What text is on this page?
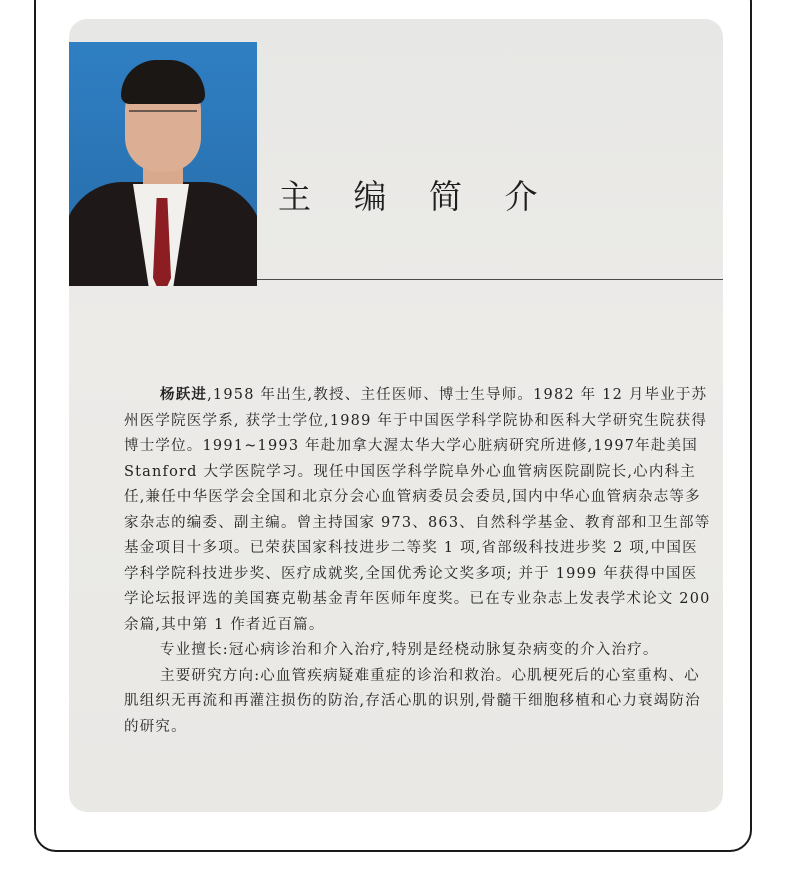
主 编 简 介

杨跃进,1958 年出生,教授、主任医师、博士生导师。1982 年 12 月毕业于苏州医学院医学系, 获学士学位,1989 年于中国医学科学院协和医科大学研究生院获得博士学位。1991~1993 年赴加拿大渥太华大学心脏病研究所进修,1997年赴美国 Stanford 大学医院学习。现任中国医学科学院阜外心血管病医院副院长,心内科主任,兼任中华医学会全国和北京分会心血管病委员会委员,国内中华心血管病杂志等多家杂志的编委、副主编。曾主持国家 973、863、自然科学基金、教育部和卫生部等基金项目十多项。已荣获国家科技进步二等奖 1 项,省部级科技进步奖 2 项,中国医学科学院科技进步奖、医疗成就奖,全国优秀论文奖多项; 并于 1999 年获得中国医学论坛报评选的美国赛克勒基金青年医师年度奖。已在专业杂志上发表学术论文 200 余篇,其中第 1 作者近百篇。

专业擅长:冠心病诊治和介入治疗,特别是经桡动脉复杂病变的介入治疗。

主要研究方向:心血管疾病疑难重症的诊治和救治。心肌梗死后的心室重构、心肌组织无再流和再灌注损伤的防治,存活心肌的识别,骨髓干细胞移植和心力衰竭防治的研究。
